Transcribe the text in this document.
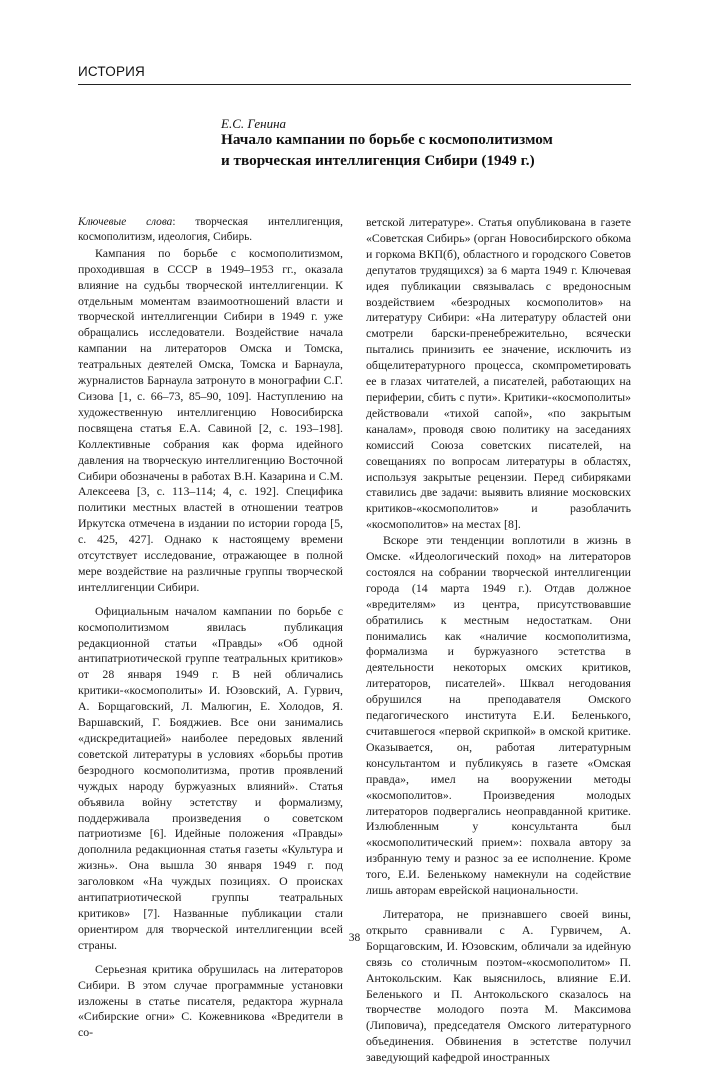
ИСТОРИЯ
Е.С. Генина
Начало кампании по борьбе с космополитизмом
и творческая интеллигенция Сибири (1949 г.)

Ключевые слова: творческая интеллигенция, космополитизм, идеология, Сибирь.

Кампания по борьбе с космополитизмом, проходившая в СССР в 1949–1953 гг., оказала влияние на судьбы творческой интеллигенции. К отдельным моментам взаимоотношений власти и творческой интеллигенции Сибири в 1949 г. уже обращались исследователи. Воздействие начала кампании на литераторов Омска и Томска, театральных деятелей Омска, Томска и Барнаула, журналистов Барнаула затронуто в монографии С.Г. Сизова [1, с. 66–73, 85–90, 109]. Наступлению на художественную интеллигенцию Новосибирска посвящена статья Е.А. Савиной [2, с. 193–198]. Коллективные собрания как форма идейного давления на творческую интеллигенцию Восточной Сибири обозначены в работах В.Н. Казарина и С.М. Алексеева [3, с. 113–114; 4, с. 192]. Специфика политики местных властей в отношении театров Иркутска отмечена в издании по истории города [5, с. 425, 427]. Однако к настоящему времени отсутствует исследование, отражающее в полной мере воздействие на различные группы творческой интеллигенции Сибири.

Официальным началом кампании по борьбе с космополитизмом явилась публикация редакционной статьи «Правды» «Об одной антипатриотической группе театральных критиков» от 28 января 1949 г. В ней обличались критики-«космополиты» И. Юзовский, А. Гурвич, А. Борщаговский, Л. Малюгин, Е. Холодов, Я. Варшавский, Г. Бояджиев. Все они занимались «дискредитацией» наиболее передовых явлений советской литературы в условиях «борьбы против безродного космополитизма, против проявлений чуждых народу буржуазных влияний». Статья объявила войну эстетству и формализму, поддерживала произведения о советском патриотизме [6]. Идейные положения «Правды» дополнила редакционная статья газеты «Культура и жизнь». Она вышла 30 января 1949 г. под заголовком «На чуждых позициях. О происках антипатриотической группы театральных критиков» [7]. Названные публикации стали ориентиром для творческой интеллигенции всей страны.

Серьезная критика обрушилась на литераторов Сибири. В этом случае программные установки изложены в статье писателя, редактора журнала «Сибирские огни» С. Кожевникова «Вредители в со-

ветской литературе». Статья опубликована в газете «Советская Сибирь» (орган Новосибирского обкома и горкома ВКП(б), областного и городского Советов депутатов трудящихся) за 6 марта 1949 г. Ключевая идея публикации связывалась с вредоносным воздействием «безродных космополитов» на литературу Сибири: «На литературу областей они смотрели барски-пренебрежительно, всячески пытались принизить ее значение, исключить из общелитературного процесса, скомпрометировать ее в глазах читателей, а писателей, работающих на периферии, сбить с пути». Критики-«космополиты» действовали «тихой сапой», «по закрытым каналам», проводя свою политику на заседаниях комиссий Союза советских писателей, на совещаниях по вопросам литературы в областях, используя закрытые рецензии. Перед сибиряками ставились две задачи: выявить влияние московских критиков-«космополитов» и разоблачить «космополитов» на местах [8].

Вскоре эти тенденции воплотили в жизнь в Омске. «Идеологический поход» на литераторов состоялся на собрании творческой интеллигенции города (14 марта 1949 г.). Отдав должное «вредителям» из центра, присутствовавшие обратились к местным недостаткам. Они понимались как «наличие космополитизма, формализма и буржуазного эстетства в деятельности некоторых омских критиков, литераторов, писателей». Шквал негодования обрушился на преподавателя Омского педагогического института Е.И. Беленького, считавшегося «первой скрипкой» в омской критике. Оказывается, он, работая литературным консультантом и публикуясь в газете «Омская правда», имел на вооружении методы «космополитов». Произведения молодых литераторов подвергались неоправданной критике. Излюбленным у консультанта был «космополитический прием»: похвала автору за избранную тему и разнос за ее исполнение. Кроме того, Е.И. Беленькому намекнули на содействие лишь авторам еврейской национальности.

Литератора, не признавшего своей вины, открыто сравнивали с А. Гурвичем, А. Борщаговским, И. Юзовским, обличали за идейную связь со столичным поэтом-«космополитом» П. Антокольским. Как выяснилось, влияние Е.И. Беленького и П. Антокольского сказалось на творчестве молодого поэта М. Максимова (Липовича), председателя Омского литературного объединения. Обвинения в эстетстве получил заведующий кафедрой иностранных

38
